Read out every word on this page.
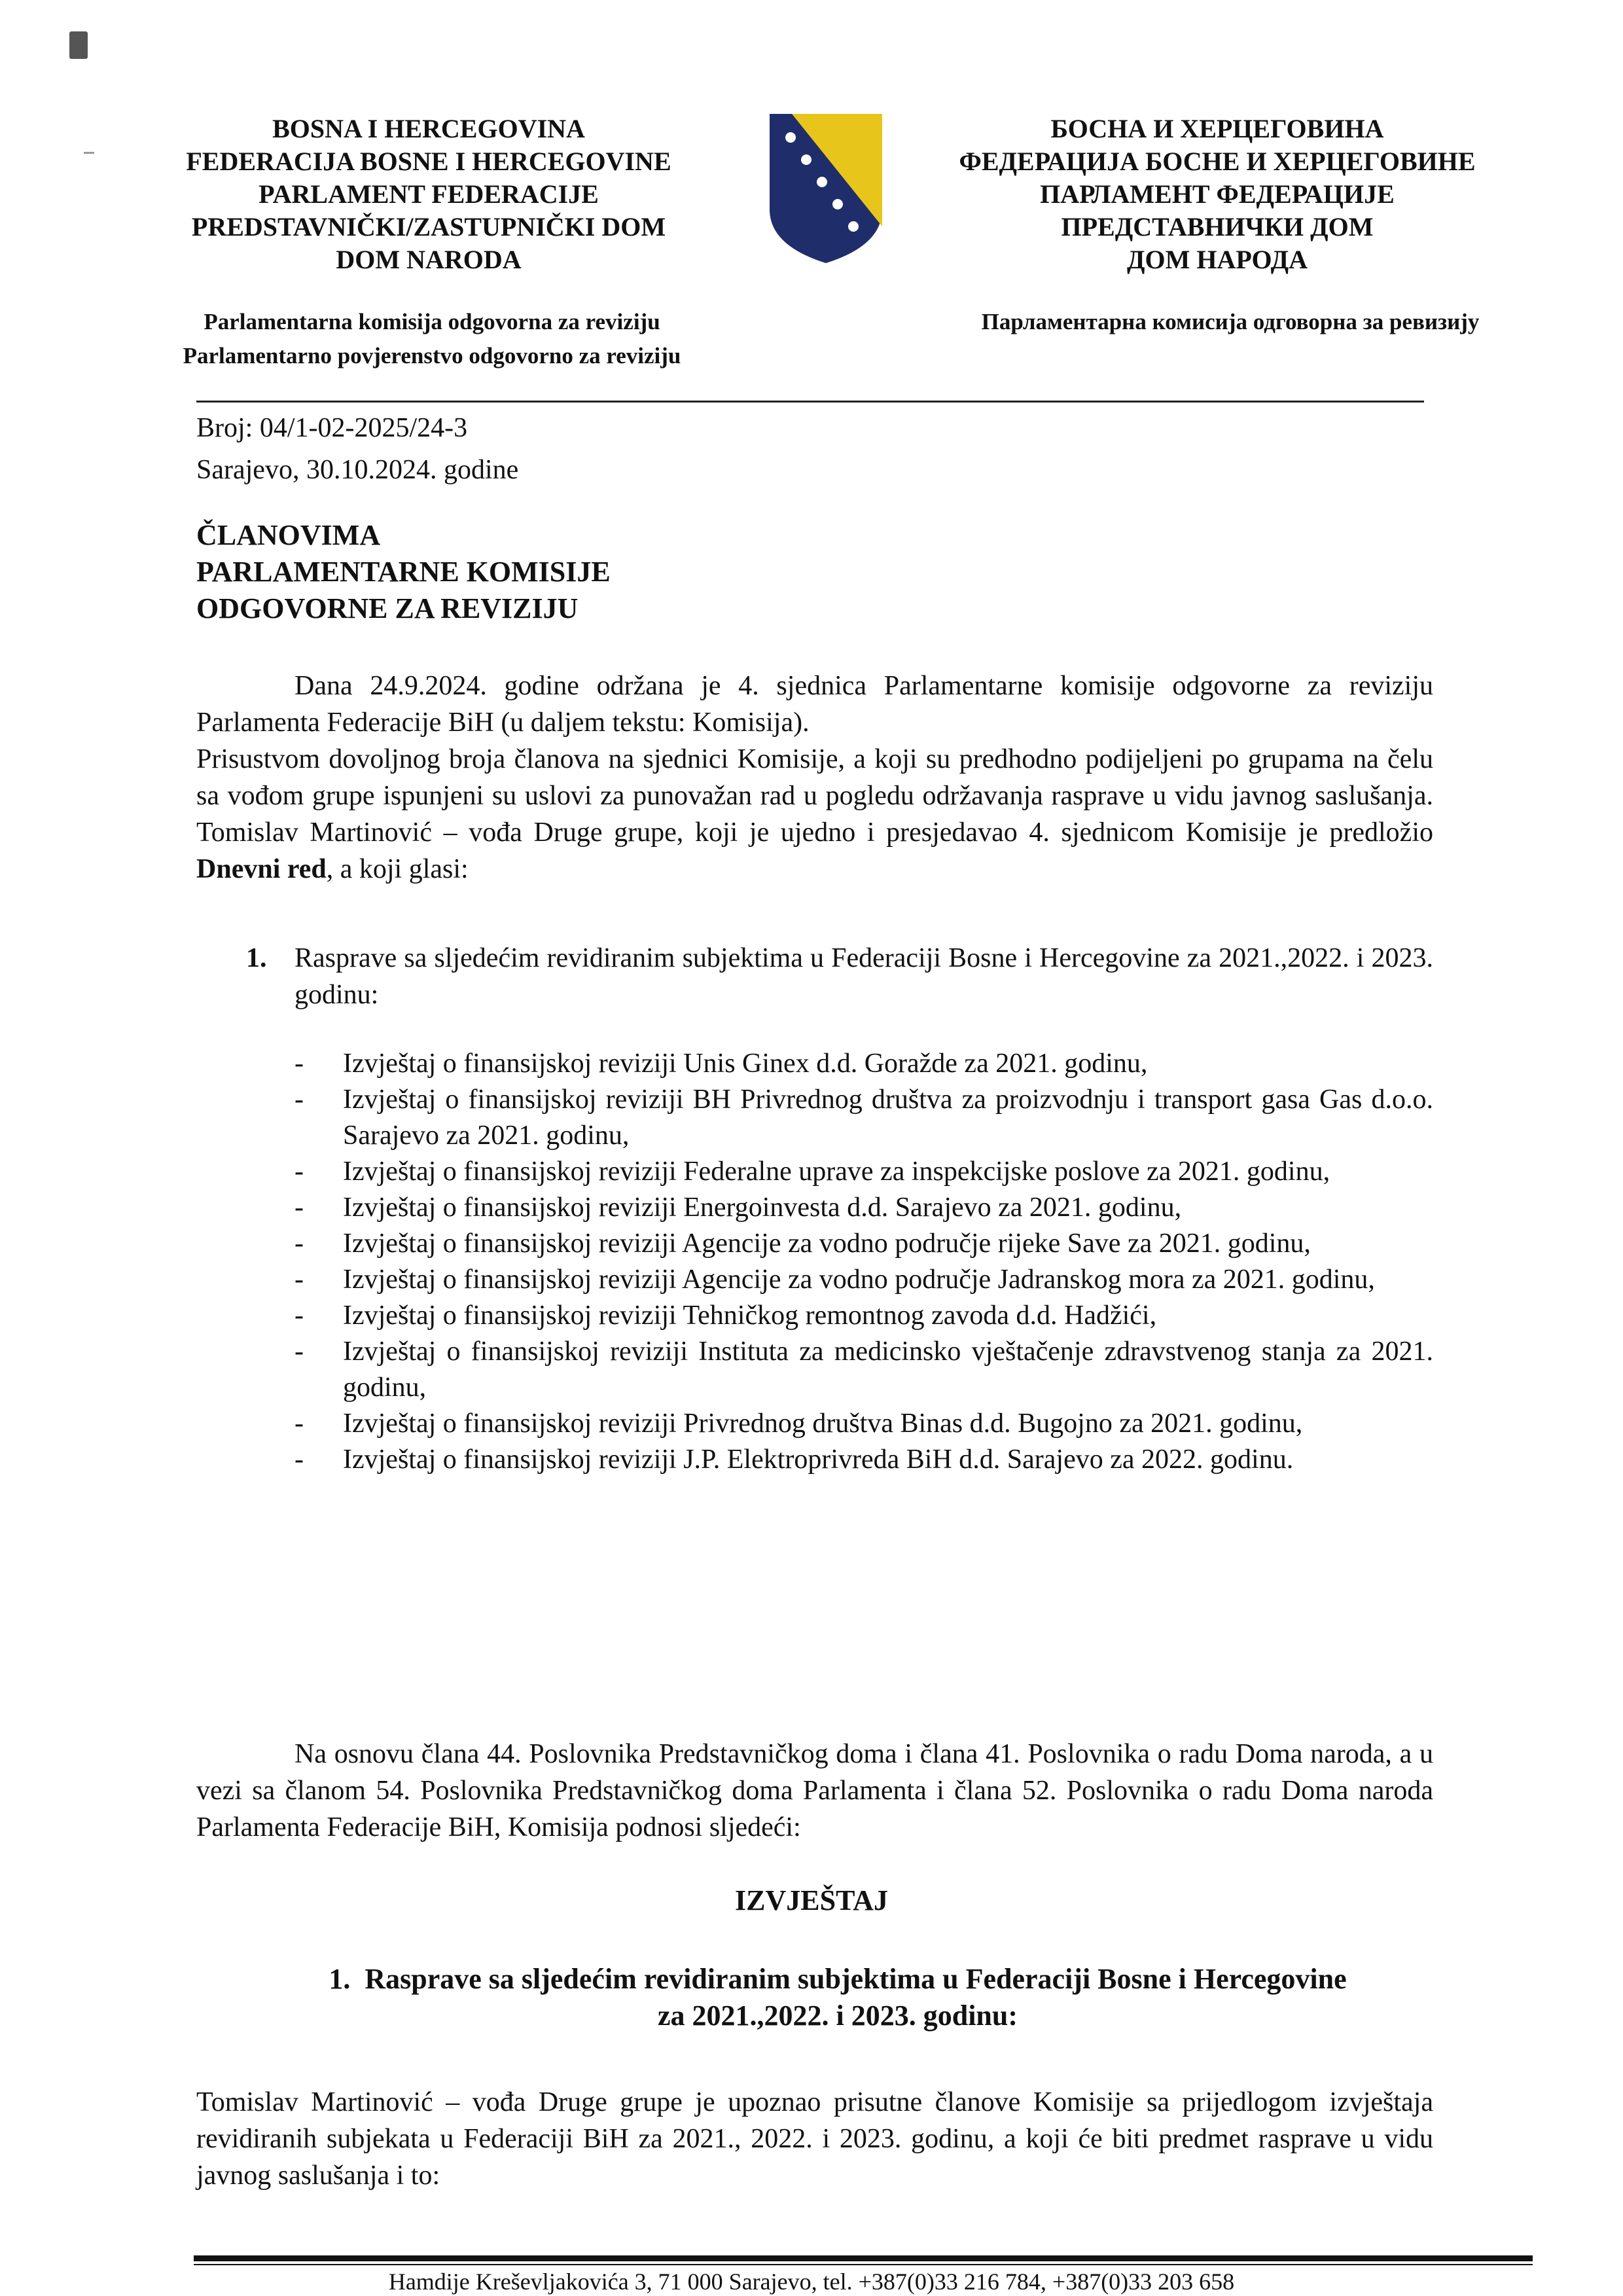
BOSNA I HERCEGOVINA
FEDERACIJA BOSNE I HERCEGOVINE
PARLAMENT FEDERACIJE
PREDSTAVNIČKI/ZASTUPNIČKI DOM
DOM NARODA
БОСНА И ХЕРЦЕГОВИНА
ФЕДЕРАЦИЈА БОСНЕ И ХЕРЦЕГОВИНЕ
ПАРЛАМЕНТ ФЕДЕРАЦИЈЕ
ПРЕДСТАВНИЧКИ ДОМ
ДОМ НАРОДА
Parlamentarna komisija odgovorna za reviziju
Parlamentarno povjerenstvo odgovorno za reviziju
Парламентарна комисија одговорна за ревизију
Broj: 04/1-02-2025/24-3
Sarajevo, 30.10.2024. godine
ČLANOVIMA
PARLAMENTARNE KOMISIJE
ODGOVORNE ZA REVIZIJU
Dana 24.9.2024. godine održana je 4. sjednica Parlamentarne komisije odgovorne za reviziju Parlamenta Federacije BiH (u daljem tekstu: Komisija).
Prisustvom dovoljnog broja članova na sjednici Komisije, a koji su predhodno podijeljeni po grupama na čelu sa vođom grupe ispunjeni su uslovi za punovažan rad u pogledu održavanja rasprave u vidu javnog saslušanja. Tomislav Martinović – vođa Druge grupe, koji je ujedno i presjedavao 4. sjednicom Komisije je predložio Dnevni red, a koji glasi:
1. Rasprave sa sljedećim revidiranim subjektima u Federaciji Bosne i Hercegovine za 2021.,2022. i 2023. godinu:
- Izvještaj o finansijskoj reviziji Unis Ginex d.d. Goražde za 2021. godinu,
- Izvještaj o finansijskoj reviziji BH Privrednog društva za proizvodnju i transport gasa Gas d.o.o. Sarajevo za 2021. godinu,
- Izvještaj o finansijskoj reviziji Federalne uprave za inspekcijske poslove za 2021. godinu,
- Izvještaj o finansijskoj reviziji Energoinvesta d.d. Sarajevo za 2021. godinu,
- Izvještaj o finansijskoj reviziji Agencije za vodno područje rijeke Save za 2021. godinu,
- Izvještaj o finansijskoj reviziji Agencije za vodno područje Jadranskog mora za 2021. godinu,
- Izvještaj o finansijskoj reviziji Tehničkog remontnog zavoda d.d. Hadžići,
- Izvještaj o finansijskoj reviziji Instituta za medicinsko vještačenje zdravstvenog stanja za 2021. godinu,
- Izvještaj o finansijskoj reviziji Privrednog društva Binas d.d. Bugojno za 2021. godinu,
- Izvještaj o finansijskoj reviziji J.P. Elektroprivreda BiH d.d. Sarajevo za 2022. godinu.
Na osnovu člana 44. Poslovnika Predstavničkog doma i člana 41. Poslovnika o radu Doma naroda, a u vezi sa članom 54. Poslovnika Predstavničkog doma Parlamenta i člana 52. Poslovnika o radu Doma naroda Parlamenta Federacije BiH, Komisija podnosi sljedeći:
IZVJEŠTAJ
1. Rasprave sa sljedećim revidiranim subjektima u Federaciji Bosne i Hercegovine
za 2021.,2022. i 2023. godinu:
Tomislav Martinović – vođa Druge grupe je upoznao prisutne članove Komisije sa prijedlogom izvještaja revidiranih subjekata u Federaciji BiH za 2021., 2022. i 2023. godinu, a koji će biti predmet rasprave u vidu javnog saslušanja i to:
Hamdije Kreševljakovića 3, 71 000 Sarajevo, tel. +387(0)33 216 784, +387(0)33 203 658
